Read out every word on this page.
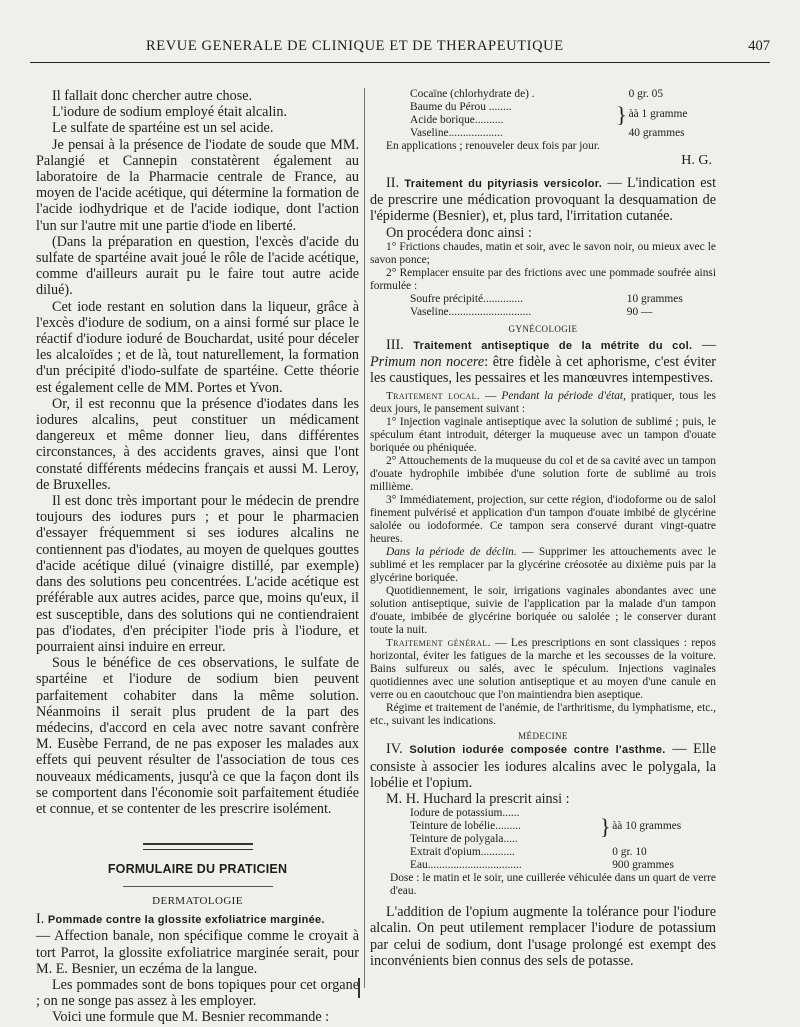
REVUE GENERALE DE CLINIQUE ET DE THERAPEUTIQUE	407

Il fallait donc chercher autre chose.

L'iodure de sodium employé était alcalin.

Le sulfate de spartéine est un sel acide.

Je pensai à la présence de l'iodate de soude que MM. Palangié et Cannepin constatèrent également au laboratoire de la Pharmacie centrale de France, au moyen de l'acide acétique, qui détermine la formation de l'acide iodhydrique et de l'acide iodique, dont l'action l'un sur l'autre mit une partie d'iode en liberté.

(Dans la préparation en question, l'excès d'acide du sulfate de spartéine avait joué le rôle de l'acide acétique, comme d'ailleurs aurait pu le faire tout autre acide dilué).

Cet iode restant en solution dans la liqueur, grâce à l'excès d'iodure de sodium, on a ainsi formé sur place le réactif d'iodure ioduré de Bouchardat, usité pour déceler les alcaloïdes ; et de là, tout naturellement, la formation d'un précipité d'iodo-sulfate de spartéine. Cette théorie est également celle de MM. Portes et Yvon.

Or, il est reconnu que la présence d'iodates dans les iodures alcalins, peut constituer un médicament dangereux et même donner lieu, dans différentes circonstances, à des accidents graves, ainsi que l'ont constaté différents médecins français et aussi M. Leroy, de Bruxelles.

Il est donc très important pour le médecin de prendre toujours des iodures purs ; et pour le pharmacien d'essayer fréquemment si ses iodures alcalins ne contiennent pas d'iodates, au moyen de quelques gouttes d'acide acétique dilué (vinaigre distillé, par exemple) dans des solutions peu concentrées. L'acide acétique est préférable aux autres acides, parce que, moins qu'eux, il est susceptible, dans des solutions qui ne contiendraient pas d'iodates, d'en précipiter l'iode pris à l'iodure, et pourraient ainsi induire en erreur.

Sous le bénéfice de ces observations, le sulfate de spartéine et l'iodure de sodium bien peuvent parfaitement cohabiter dans la même solution. Néanmoins il serait plus prudent de la part des médecins, d'accord en cela avec notre savant confrère M. Eusèbe Ferrand, de ne pas exposer les malades aux effets qui peuvent résulter de l'association de tous ces nouveaux médicaments, jusqu'à ce que la façon dont ils se comportent dans l'économie soit parfaitement étudiée et connue, et se contenter de les prescrire isolément.

FORMULAIRE DU PRATICIEN

DERMATOLOGIE

I. Pommade contre la glossite exfoliatrice marginée.

— Affection banale, non spécifique comme le croyait à tort Parrot, la glossite exfoliatrice marginée serait, pour M. E. Besnier, un eczéma de la langue.

Les pommades sont de bons topiques pour cet organe ; on ne songe pas assez à les employer.

Voici une formule que M. Besnier recommande :

Cocaïne (chlorhydrate de) .		0 gr. 05
Baume du Pérou ........	}	àà 1 gramme
Acide borique..........		
Vaseline...................		40 grammes

En applications ; renouveler deux fois par jour.

H. G.

II. Traitement du pityriasis versicolor. — L'indication est de prescrire une médication provoquant la desquamation de l'épiderme (Besnier), et, plus tard, l'irritation cutanée.

On procédera donc ainsi :

1° Frictions chaudes, matin et soir, avec le savon noir, ou mieux avec le savon ponce;

2° Remplacer ensuite par des frictions avec une pommade soufrée ainsi formulée :

Soufre précipité..............	10 grammes
Vaseline.............................	90 —

GYNÉCOLOGIE

III. Traitement antiseptique de la métrite du col. — Primum non nocere: être fidèle à cet aphorisme, c'est éviter les caustiques, les pessaires et les manœuvres intempestives.

Traitement local. — Pendant la période d'état, pratiquer, tous les deux jours, le pansement suivant :

1° Injection vaginale antiseptique avec la solution de sublimé ; puis, le spéculum étant introduit, déterger la muqueuse avec un tampon d'ouate boriquée ou phéniquée.

2° Attouchements de la muqueuse du col et de sa cavité avec un tampon d'ouate hydrophile imbibée d'une solution forte de sublimé au trois millième.

3° Immédiatement, projection, sur cette région, d'iodoforme ou de salol finement pulvérisé et application d'un tampon d'ouate imbibé de glycérine salolée ou iodoformée. Ce tampon sera conservé durant vingt-quatre heures.

Dans la période de déclin. — Supprimer les attouchements avec le sublimé et les remplacer par la glycérine créosotée au dixième puis par la glycérine boriquée.

Quotidiennement, le soir, irrigations vaginales abondantes avec une solution antiseptique, suivie de l'application par la malade d'un tampon d'ouate, imbibée de glycérine boriquée ou salolée ; le conserver durant toute la nuit.

Traitement général. — Les prescriptions en sont classiques : repos horizontal, éviter les fatigues de la marche et les secousses de la voiture. Bains sulfureux ou salés, avec le spéculum. Injections vaginales quotidiennes avec une solution antiseptique et au moyen d'une canule en verre ou en caoutchouc que l'on maintiendra bien aseptique.

Régime et traitement de l'anémie, de l'arthritisme, du lymphatisme, etc., etc., suivant les indications.

MÉDECINE

IV. Solution iodurée composée contre l'asthme. — Elle consiste à associer les iodures alcalins avec le polygala, la lobélie et l'opium.

M. H. Huchard la prescrit ainsi :

Iodure de potassium......	}	àà 10 grammes
Teinture de lobélie.........		
Teinture de polygala.....		
Extrait d'opium............		0 gr. 10
Eau.................................		900 grammes

Dose : le matin et le soir, une cuillerée véhiculée dans un quart de verre d'eau.

L'addition de l'opium augmente la tolérance pour l'iodure alcalin. On peut utilement remplacer l'iodure de potassium par celui de sodium, dont l'usage prolongé est exempt des inconvénients bien connus des sels de potasse.
